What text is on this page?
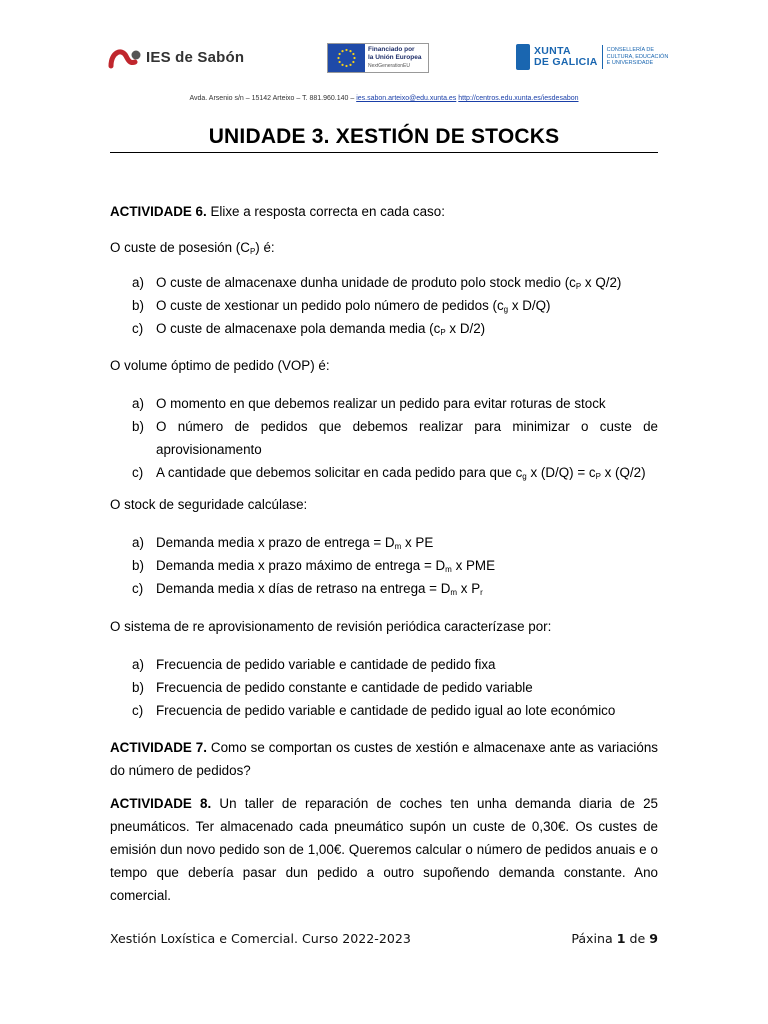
IES de Sabón	Financiado por
la Unión Europea
NextGenerationEU
XUNTA
DE GALICIA
CONSELLERÍA DE
CULTURA, EDUCACIÓN
E UNIVERSIDADE
Avda. Arsenio s/n – 15142 Arteixo – T. 881.960.140 – ies.sabon.arteixo@edu.xunta.es http://centros.edu.xunta.es/iesdesabon
UNIDADE 3. XESTIÓN DE STOCKS

ACTIVIDADE 6. Elixe a resposta correcta en cada caso:

O custe de posesión $(C_P)$ é:

a) O custe de almacenaxe dunha unidade de produto polo stock medio ($c_P$ x Q/2)
b) O custe de xestionar un pedido polo número de pedidos ($c_g$ x D/Q)
c) O custe de almacenaxe pola demanda media ($c_P$ x D/2)

O volume óptimo de pedido (VOP) é:

a) O momento en que debemos realizar un pedido para evitar roturas de stock
b) O número de pedidos que debemos realizar para minimizar o custe de aprovisionamento
c) A cantidade que debemos solicitar en cada pedido para que $c_g$ x $(D/Q) = c_P$ x (Q/2)

O stock de seguridade calcúlase:

a) Demanda media x prazo de entrega = $D_m$ x PE
b) Demanda media x prazo máximo de entrega = $D_m$ x PME
c) Demanda media x días de retraso na entrega = $D_m$ x $P_r$

O sistema de re aprovisionamento de revisión periódica caracterízase por:

a) Frecuencia de pedido variable e cantidade de pedido fixa
b) Frecuencia de pedido constante e cantidade de pedido variable
c) Frecuencia de pedido variable e cantidade de pedido igual ao lote económico

ACTIVIDADE 7. Como se comportan os custes de xestión e almacenaxe ante as variacións do número de pedidos?

ACTIVIDADE 8. Un taller de reparación de coches ten unha demanda diaria de 25 pneumáticos. Ter almacenado cada pneumático supón un custe de 0,30€. Os custes de emisión dun novo pedido son de 1,00€. Queremos calcular o número de pedidos anuais e o tempo que debería pasar dun pedido a outro supoñendo demanda constante. Ano comercial.

Xestión Loxística e Comercial. Curso 2022-2023	Páxina 1 de 9
